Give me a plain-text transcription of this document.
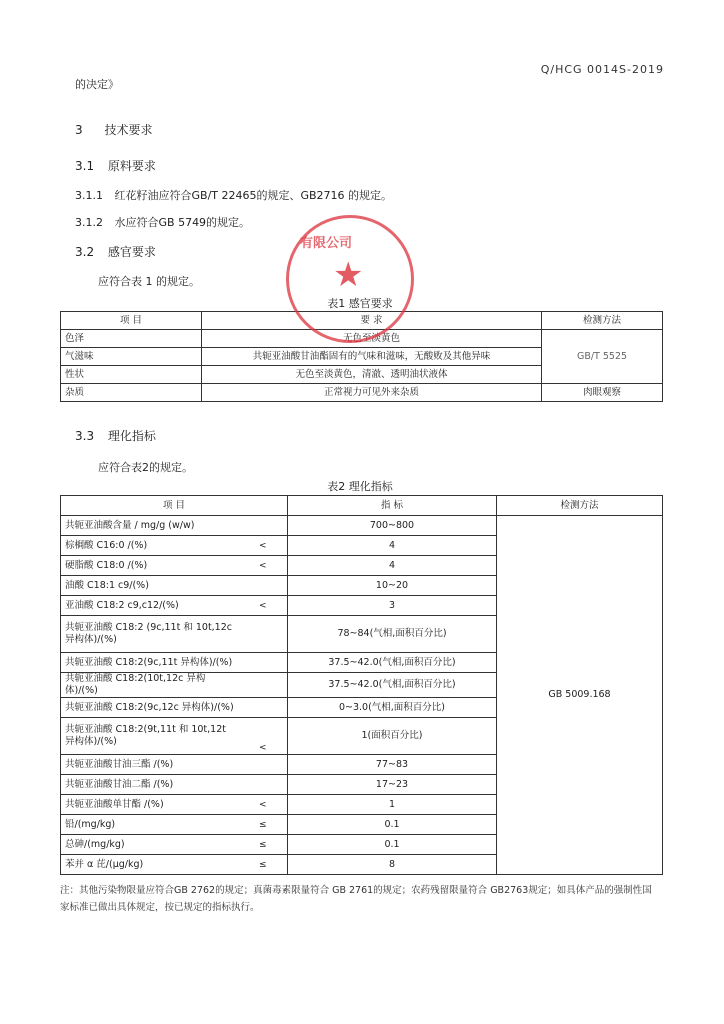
Q/HCG 0014S-2019
的决定》
3 技术要求
3.1 原料要求
3.1.1 红花籽油应符合GB/T 22465的规定、GB2716 的规定。
3.1.2 水应符合GB 5749的规定。
3.2 感官要求
应符合表 1 的规定。
表1 感官要求
项 目	要 求	检测方法
色泽	无色至淡黄色	GB/T 5525
气滋味	共轭亚油酸甘油酯固有的气味和滋味，无酸败及其他异味	
性状	无色至淡黄色，清澈、透明油状液体	
杂质	正常视力可见外来杂质	肉眼观察
3.3 理化指标
应符合表2的规定。
表2 理化指标
项 目		指 标	检测方法
共轭亚油酸含量 / mg/g (w/w)		700~800	GB 5009.168
棕榈酸 C16:0 /(%)	<	4	
硬脂酸 C18:0 /(%)	<	4	
油酸 C18:1 c9/(%)		10~20	
亚油酸 C18:2 c9,c12/(%)	<	3	
共轭亚油酸 C18:2 (9c,11t 和 10t,12c 异构体)/(%)		78~84(气相,面积百分比)	
共轭亚油酸 C18:2(9c,11t 异构体)/(%)		37.5~42.0(气相,面积百分比)	
共轭亚油酸 C18:2(10t,12c 异构体)/(%)		37.5~42.0(气相,面积百分比)	
共轭亚油酸 C18:2(9c,12c 异构体)/(%)		0~3.0(气相,面积百分比)	
共轭亚油酸 C18:2(9t,11t 和 10t,12t 异构体)/(%)	<	1(面积百分比)	
共轭亚油酸甘油三酯 /(%)		77~83	
共轭亚油酸甘油二酯 /(%)		17~23	
共轭亚油酸单甘酯 /(%)	<	1	
铅/(mg/kg)	≤	0.1	
总砷/(mg/kg)	≤	0.1	
苯并 α 芘/(μg/kg)	≤	8	
注：其他污染物限量应符合GB 2762的规定；真菌毒素限量符合 GB 2761的规定；农药残留限量符合 GB2763规定；如具体产品的强制性国家标准已做出具体规定，按已规定的指标执行。
有限公司
★
